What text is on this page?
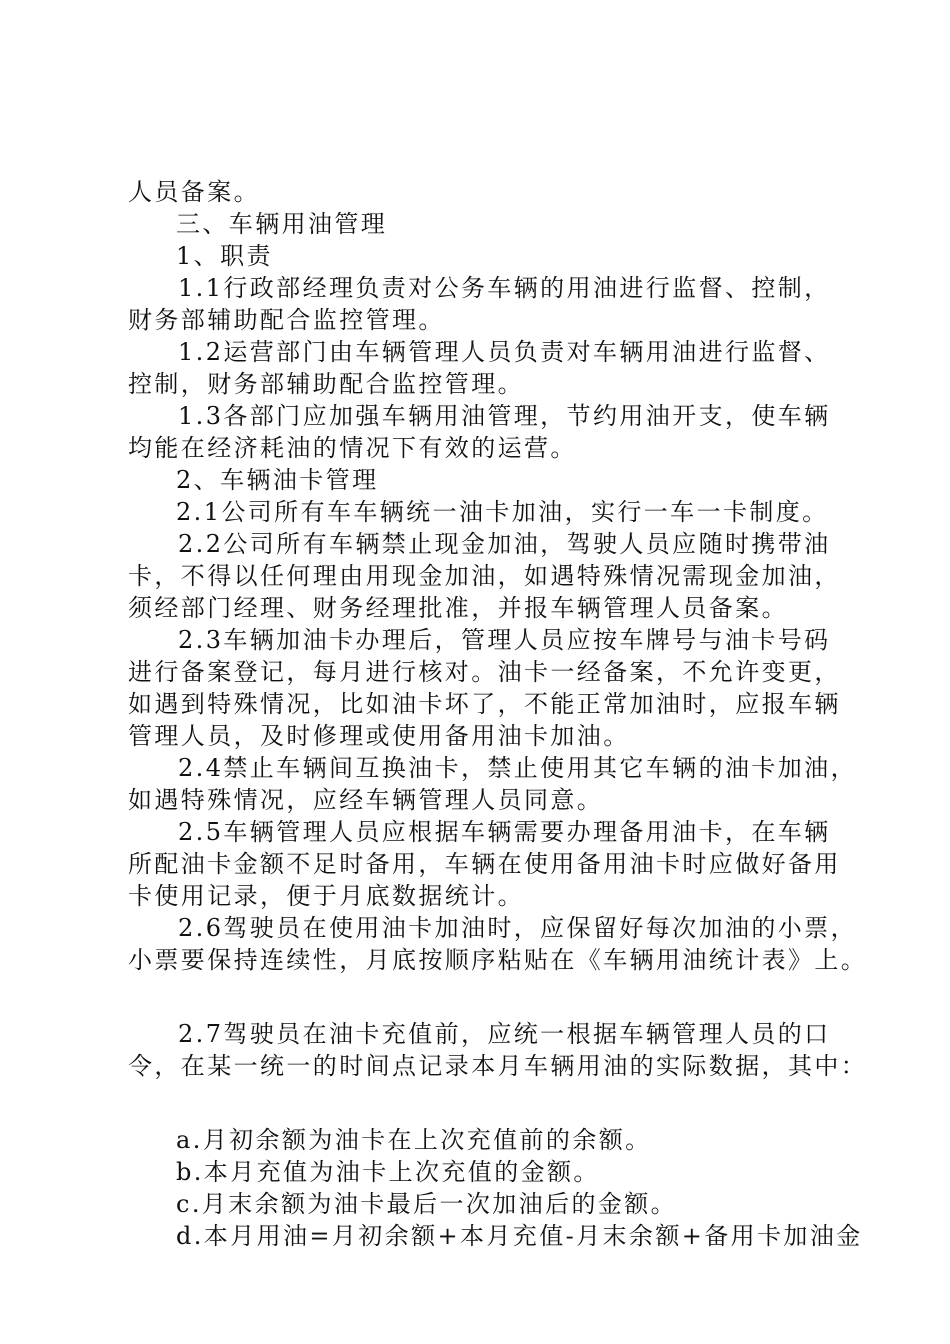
人员备案。
三、车辆用油管理
1、职责
1.1行政部经理负责对公务车辆的用油进行监督、控制，
财务部辅助配合监控管理。
1.2运营部门由车辆管理人员负责对车辆用油进行监督、
控制，财务部辅助配合监控管理。
1.3各部门应加强车辆用油管理，节约用油开支，使车辆
均能在经济耗油的情况下有效的运营。
2、车辆油卡管理
2.1公司所有车车辆统一油卡加油，实行一车一卡制度。
2.2公司所有车辆禁止现金加油，驾驶人员应随时携带油
卡，不得以任何理由用现金加油，如遇特殊情况需现金加油，
须经部门经理、财务经理批准，并报车辆管理人员备案。
2.3车辆加油卡办理后，管理人员应按车牌号与油卡号码
进行备案登记，每月进行核对。油卡一经备案，不允许变更，
如遇到特殊情况，比如油卡坏了，不能正常加油时，应报车辆
管理人员，及时修理或使用备用油卡加油。
2.4禁止车辆间互换油卡，禁止使用其它车辆的油卡加油，
如遇特殊情况，应经车辆管理人员同意。
2.5车辆管理人员应根据车辆需要办理备用油卡，在车辆
所配油卡金额不足时备用，车辆在使用备用油卡时应做好备用
卡使用记录，便于月底数据统计。
2.6驾驶员在使用油卡加油时，应保留好每次加油的小票，
小票要保持连续性，月底按顺序粘贴在《车辆用油统计表》上。
2.7驾驶员在油卡充值前，应统一根据车辆管理人员的口
令，在某一统一的时间点记录本月车辆用油的实际数据，其中：
a.月初余额为油卡在上次充值前的余额。
b.本月充值为油卡上次充值的金额。
c.月末余额为油卡最后一次加油后的金额。
d.本月用油=月初余额+本月充值-月末余额+备用卡加油金
